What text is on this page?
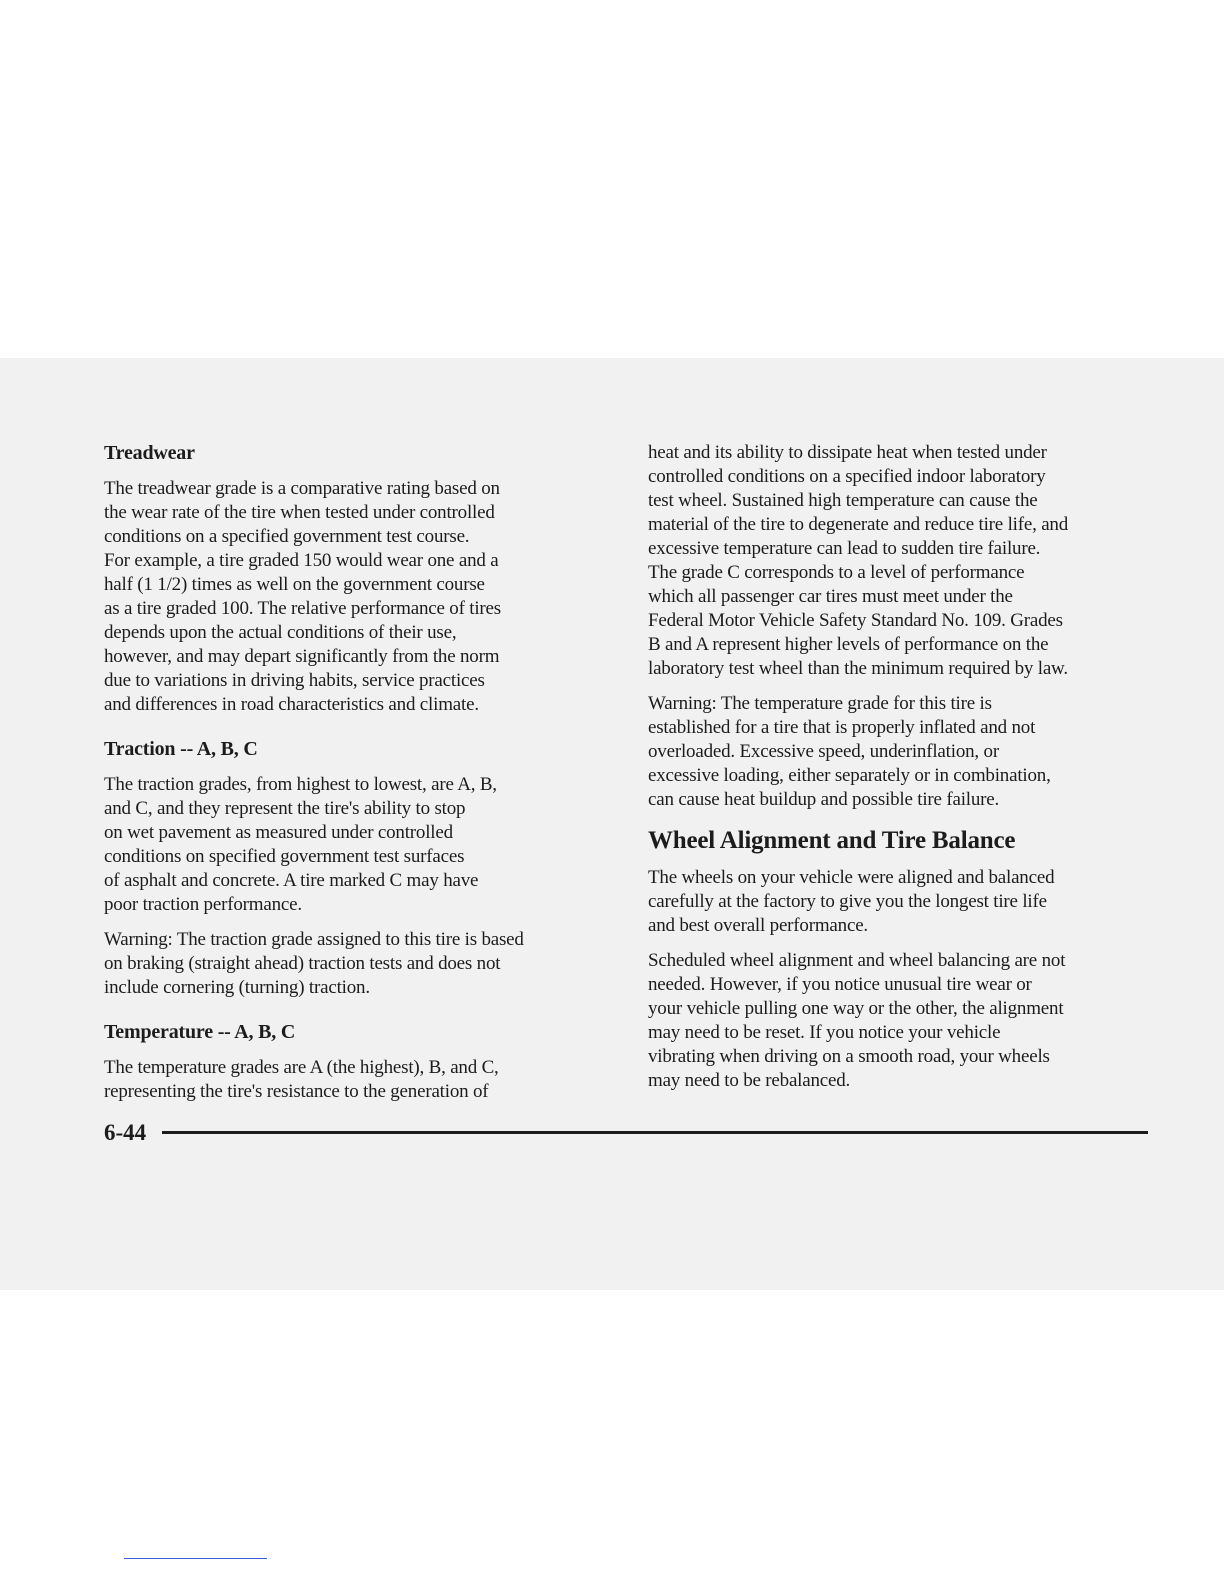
Treadwear
The treadwear grade is a comparative rating based on
the wear rate of the tire when tested under controlled
conditions on a specified government test course.
For example, a tire graded 150 would wear one and a
half (1 1/2) times as well on the government course
as a tire graded 100. The relative performance of tires
depends upon the actual conditions of their use,
however, and may depart significantly from the norm
due to variations in driving habits, service practices
and differences in road characteristics and climate.
Traction -- A, B, C
The traction grades, from highest to lowest, are A, B,
and C, and they represent the tire's ability to stop
on wet pavement as measured under controlled
conditions on specified government test surfaces
of asphalt and concrete. A tire marked C may have
poor traction performance.
Warning: The traction grade assigned to this tire is based
on braking (straight ahead) traction tests and does not
include cornering (turning) traction.
Temperature -- A, B, C
The temperature grades are A (the highest), B, and C,
representing the tire's resistance to the generation of
heat and its ability to dissipate heat when tested under
controlled conditions on a specified indoor laboratory
test wheel. Sustained high temperature can cause the
material of the tire to degenerate and reduce tire life, and
excessive temperature can lead to sudden tire failure.
The grade C corresponds to a level of performance
which all passenger car tires must meet under the
Federal Motor Vehicle Safety Standard No. 109. Grades
B and A represent higher levels of performance on the
laboratory test wheel than the minimum required by law.
Warning: The temperature grade for this tire is
established for a tire that is properly inflated and not
overloaded. Excessive speed, underinflation, or
excessive loading, either separately or in combination,
can cause heat buildup and possible tire failure.
Wheel Alignment and Tire Balance
The wheels on your vehicle were aligned and balanced
carefully at the factory to give you the longest tire life
and best overall performance.
Scheduled wheel alignment and wheel balancing are not
needed. However, if you notice unusual tire wear or
your vehicle pulling one way or the other, the alignment
may need to be reset. If you notice your vehicle
vibrating when driving on a smooth road, your wheels
may need to be rebalanced.
6-44
